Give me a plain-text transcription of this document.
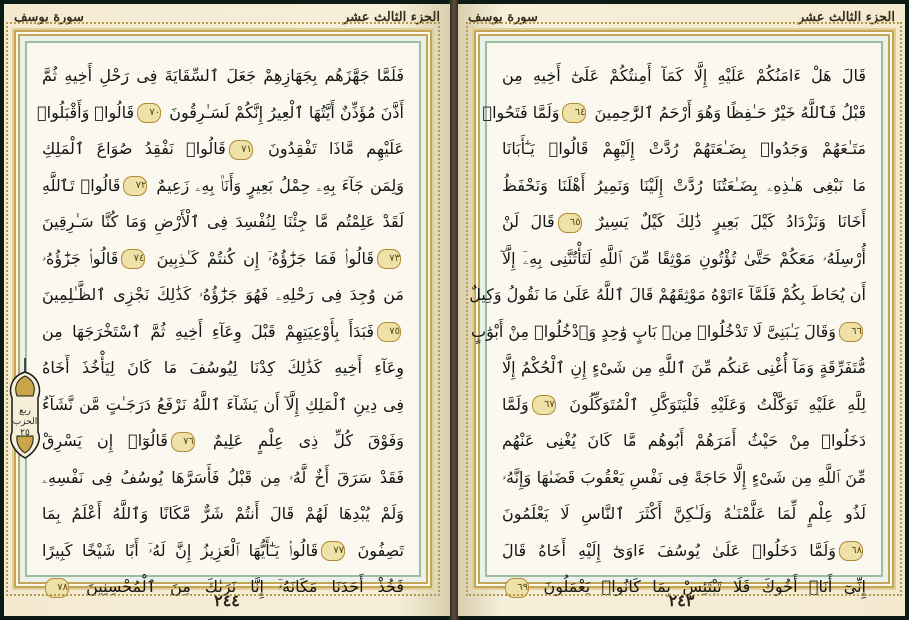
الجزء الثالث عشر
سورة يوسف
فَلَمَّا جَهَّزَهُم بِجَهَازِهِمْ جَعَلَ ٱلسِّقَايَةَ فِى رَحْلِ أَخِيهِ ثُمَّ
أَذَّنَ مُؤَذِّنٌ أَيَّتُهَا ٱلْعِيرُ إِنَّكُمْ لَسَـٰرِقُونَ ٧٠قَالُوا۟ وَأَقْبَلُوا۟
عَلَيْهِم مَّاذَا تَفْقِدُونَ ٧١قَالُوا۟ نَفْقِدُ صُوَاعَ ٱلْمَلِكِ
وَلِمَن جَآءَ بِهِۦ حِمْلُ بَعِيرٍ وَأَنَا۠ بِهِۦ زَعِيمٌ ٧٢قَالُوا۟ تَٱللَّهِ
لَقَدْ عَلِمْتُم مَّا جِئْنَا لِنُفْسِدَ فِى ٱلْأَرْضِ وَمَا كُنَّا سَـٰرِقِينَ
٧٣قَالُوا۟ فَمَا جَزَٰٓؤُهُۥٓ إِن كُنتُمْ كَـٰذِبِينَ ٧٤قَالُوا۟ جَزَٰٓؤُهُۥ
مَن وُجِدَ فِى رَحْلِهِۦ فَهُوَ جَزَٰٓؤُهُۥ كَذَٰلِكَ نَجْزِى ٱلظَّـٰلِمِينَ
٧٥فَبَدَأَ بِأَوْعِيَتِهِمْ قَبْلَ وِعَآءِ أَخِيهِ ثُمَّ ٱسْتَخْرَجَهَا مِن
وِعَآءِ أَخِيهِ كَذَٰلِكَ كِدْنَا لِيُوسُفَ مَا كَانَ لِيَأْخُذَ أَخَاهُ
فِى دِينِ ٱلْمَلِكِ إِلَّآ أَن يَشَآءَ ٱللَّهُ نَرْفَعُ دَرَجَـٰتٍ مَّن نَّشَآءُ
وَفَوْقَ كُلِّ ذِى عِلْمٍ عَلِيمٌ ٧٦قَالُوٓا۟ إِن يَسْرِقْ
فَقَدْ سَرَقَ أَخٌ لَّهُۥ مِن قَبْلُ فَأَسَرَّهَا يُوسُفُ فِى نَفْسِهِۦ
وَلَمْ يُبْدِهَا لَهُمْ قَالَ أَنتُمْ شَرٌّ مَّكَانًا وَٱللَّهُ أَعْلَمُ بِمَا
تَصِفُونَ ٧٧قَالُوا۟ يَـٰٓأَيُّهَا ٱلْعَزِيزُ إِنَّ لَهُۥٓ أَبًا شَيْخًا كَبِيرًا
فَخُذْ أَحَدَنَا مَكَانَهُۥٓ إِنَّا نَرَىٰكَ مِنَ ٱلْمُحْسِنِينَ ٧٨
٢٤٤
الجزء الثالث عشر
سورة يوسف
قَالَ هَلْ ءَامَنُكُمْ عَلَيْهِ إِلَّا كَمَآ أَمِنتُكُمْ عَلَىٰٓ أَخِيهِ مِن
قَبْلُ فَٱللَّهُ خَيْرٌ حَـٰفِظًا وَهُوَ أَرْحَمُ ٱلرَّٰحِمِينَ ٦٤وَلَمَّا فَتَحُوا۟
مَتَـٰعَهُمْ وَجَدُوا۟ بِضَـٰعَتَهُمْ رُدَّتْ إِلَيْهِمْ قَالُوا۟ يَـٰٓأَبَانَا
مَا نَبْغِى هَـٰذِهِۦ بِضَـٰعَتُنَا رُدَّتْ إِلَيْنَا وَنَمِيرُ أَهْلَنَا وَنَحْفَظُ
أَخَانَا وَنَزْدَادُ كَيْلَ بَعِيرٍ ذَٰلِكَ كَيْلٌ يَسِيرٌ ٦٥قَالَ لَنْ
أُرْسِلَهُۥ مَعَكُمْ حَتَّىٰ تُؤْتُونِ مَوْثِقًا مِّنَ ٱللَّهِ لَتَأْتُنَّنِى بِهِۦٓ إِلَّآ
أَن يُحَاطَ بِكُمْ فَلَمَّآ ءَاتَوْهُ مَوْثِقَهُمْ قَالَ ٱللَّهُ عَلَىٰ مَا نَقُولُ وَكِيلٌ
٦٦وَقَالَ يَـٰبَنِىَّ لَا تَدْخُلُوا۟ مِنۢ بَابٍ وَٰحِدٍ وَٱدْخُلُوا۟ مِنْ أَبْوَٰبٍ
مُّتَفَرِّقَةٍ وَمَآ أُغْنِى عَنكُم مِّنَ ٱللَّهِ مِن شَىْءٍ إِنِ ٱلْحُكْمُ إِلَّا
لِلَّهِ عَلَيْهِ تَوَكَّلْتُ وَعَلَيْهِ فَلْيَتَوَكَّلِ ٱلْمُتَوَكِّلُونَ ٦٧وَلَمَّا
دَخَلُوا۟ مِنْ حَيْثُ أَمَرَهُمْ أَبُوهُم مَّا كَانَ يُغْنِى عَنْهُم
مِّنَ ٱللَّهِ مِن شَىْءٍ إِلَّا حَاجَةً فِى نَفْسِ يَعْقُوبَ قَضَىٰهَا وَإِنَّهُۥ
لَذُو عِلْمٍ لِّمَا عَلَّمْنَـٰهُ وَلَـٰكِنَّ أَكْثَرَ ٱلنَّاسِ لَا يَعْلَمُونَ
٦٨وَلَمَّا دَخَلُوا۟ عَلَىٰ يُوسُفَ ءَاوَىٰٓ إِلَيْهِ أَخَاهُ قَالَ
إِنِّىٓ أَنَا۠ أَخُوكَ فَلَا تَبْتَئِسْ بِمَا كَانُوا۟ يَعْمَلُونَ ٦٩
٢٤٣
ربع الحزب
٢٥
